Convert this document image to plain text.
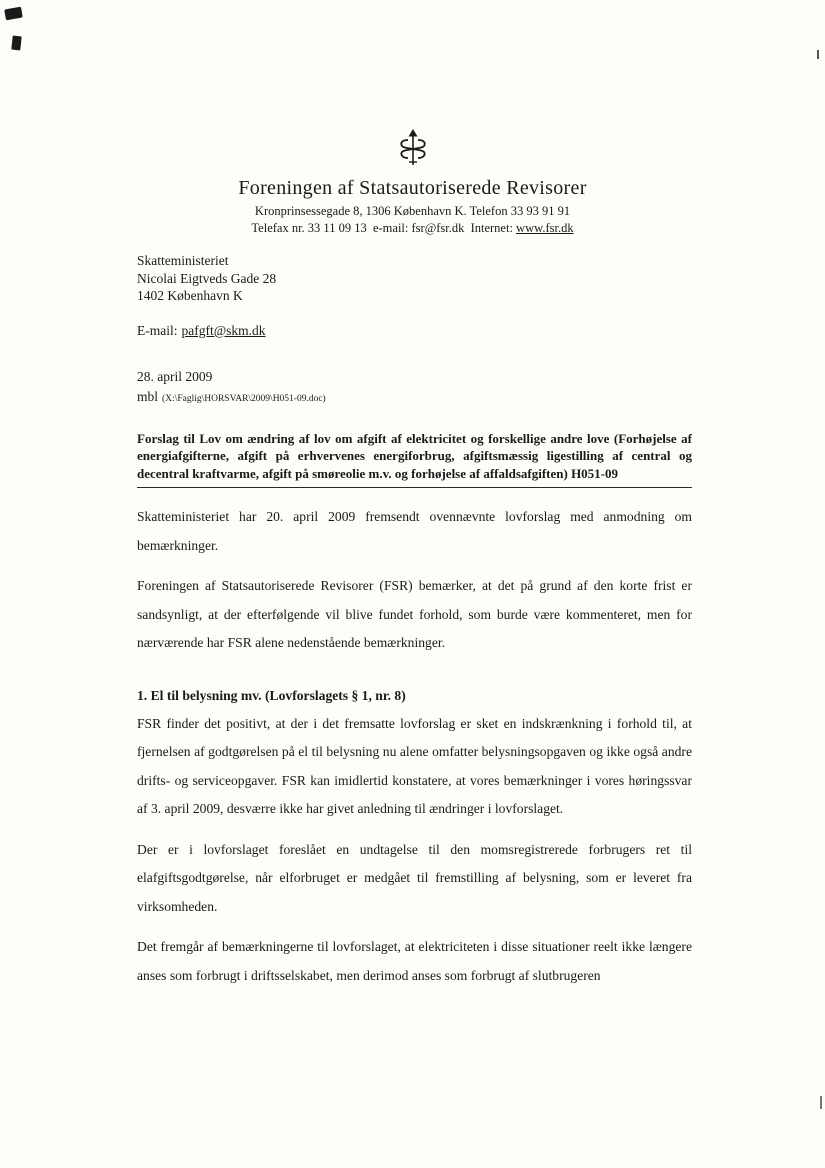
Foreningen af Statsautoriserede Revisorer
Kronprinsessegade 8, 1306 København K. Telefon 33 93 91 91
Telefax nr. 33 11 09 13  e-mail: fsr@fsr.dk  Internet: www.fsr.dk
Skatteministeriet
Nicolai Eigtveds Gade 28
1402 København K
E-mail: pafgft@skm.dk
28. april 2009
mbl (X:\Faglig\HORSVAR\2009\H051-09.doc)
Forslag til Lov om ændring af lov om afgift af elektricitet og forskellige andre love (Forhøjelse af energiafgifterne, afgift på erhvervenes energiforbrug, afgiftsmæssig ligestilling af central og decentral kraftvarme, afgift på smøreolie m.v. og forhøjelse af affaldsafgiften) H051-09

Skatteministeriet har 20. april 2009 fremsendt ovennævnte lovforslag med anmodning om bemærkninger.

Foreningen af Statsautoriserede Revisorer (FSR) bemærker, at det på grund af den korte frist er sandsynligt, at der efterfølgende vil blive fundet forhold, som burde være kommenteret, men for nærværende har FSR alene nedenstående bemærkninger.

1. El til belysning mv. (Lovforslagets § 1, nr. 8)

FSR finder det positivt, at der i det fremsatte lovforslag er sket en indskrænkning i forhold til, at fjernelsen af godtgørelsen på el til belysning nu alene omfatter belysningsopgaven og ikke også andre drifts- og serviceopgaver. FSR kan imidlertid konstatere, at vores bemærkninger i vores høringssvar af 3. april 2009, desværre ikke har givet anledning til ændringer i lovforslaget.

Der er i lovforslaget foreslået en undtagelse til den momsregistrerede forbrugers ret til elafgiftsgodtgørelse, når elforbruget er medgået til fremstilling af belysning, som er leveret fra virksomheden.

Det fremgår af bemærkningerne til lovforslaget, at elektriciteten i disse situationer reelt ikke længere anses som forbrugt i driftsselskabet, men derimod anses som forbrugt af slutbrugeren
